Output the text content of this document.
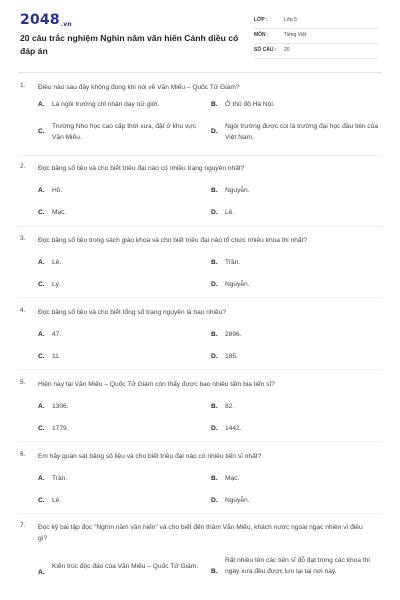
2048.vn
20 câu trắc nghiệm Nghìn năm văn hiến Cánh diều có đáp án
LỚP :	Lớp 5
MÔN :	Tiếng Việt
SỐ CÂU : 20
1. Điều nào sau đây không đúng khi nói về Văn Miếu – Quốc Tử Giám?
A. Là ngôi trường chỉ nhận dạy nữ giới.	B. Ở thủ đô Hà Nội.
C.
Trường Nho học cao cấp thời xưa, đặt ở khu vực Văn Miếu.
D.
Ngôi trường được coi là trường đại học đầu tiên của Việt Nam.
2. Đọc bảng số liệu và cho biết triều đại nào có nhiều trạng nguyên nhất?
A. Hồ.	B. Nguyễn.
C. Mạc.	D. Lê.
3. Đọc bảng số liệu trong sách giáo khoa và cho biết triều đại nào tổ chức nhiều khoa thi nhất?
A. Lê.	B. Trần.
C. Lý.	D. Nguyễn.
4. Đọc bảng số liệu và cho biết tổng số trạng nguyên là bao nhiêu?
A. 47.	B. 2896.
C. 11.	D. 185.
5. Hiện nay tại Văn Miếu – Quốc Tử Giám còn thấy được bao nhiêu tấm bia tiến sĩ?
A. 1306.	B. 82.
C. 1779.	D. 1442.
6. Em hãy quan sát bảng số liệu và cho biết triều đại nào có nhiều tiến sĩ nhất?
A. Trần.	B. Mạc.
C. Lê.	D. Nguyễn.
7. Đọc kỹ bài tập đọc "Nghìn năm văn hiến" và cho biết đến thăm Văn Miếu, khách nước ngoài ngạc nhiên vì điều gì?
A.
Kiến trúc độc đáo của Văn Miếu – Quốc Tử Giám.
B.
Rất nhiều tên các tiến sĩ đỗ đạt trong các khoa thi ngày xưa đều được lưu lại tại nơi này.
